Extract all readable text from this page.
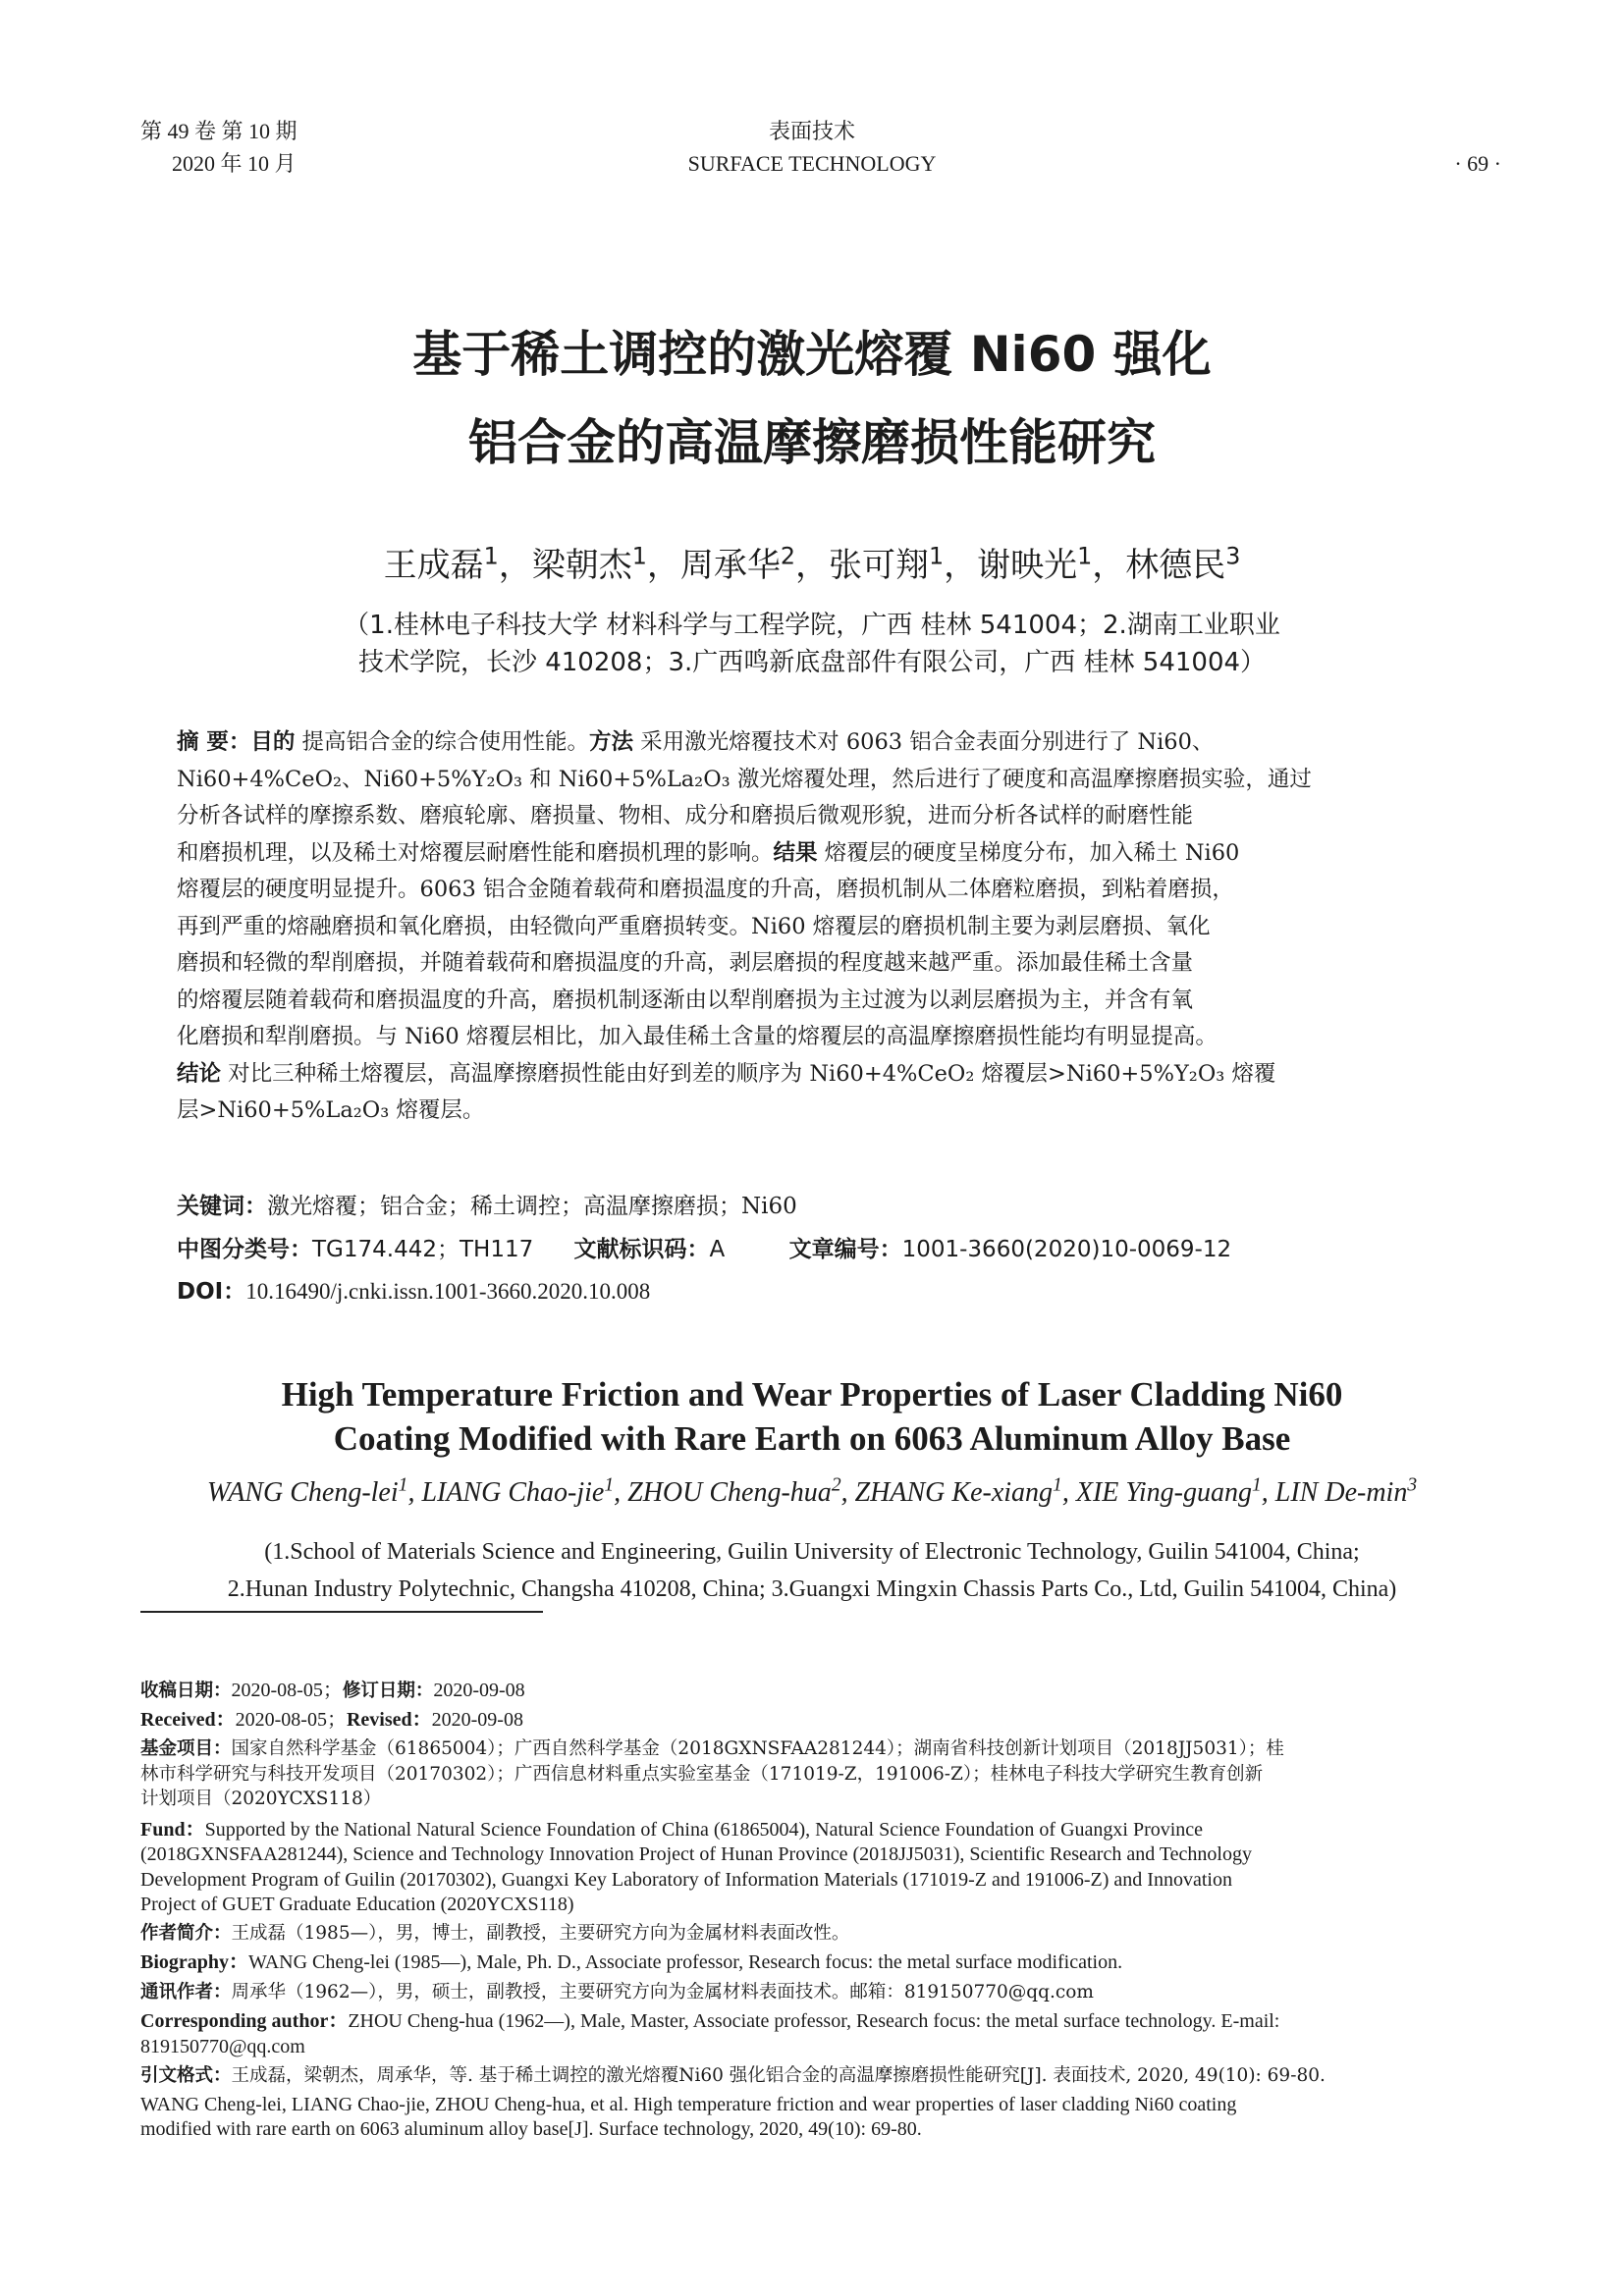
第 49 卷 第 10 期
2020 年 10 月
表面技术
SURFACE TECHNOLOGY	· 69 ·
基于稀土调控的激光熔覆 Ni60 强化
铝合金的高温摩擦磨损性能研究
王成磊$^1$，梁朝杰$^1$，周承华$^2$，张可翔$^1$，谢映光$^1$，林德民$^3$
（1.桂林电子科技大学 材料科学与工程学院，广西 桂林 541004；2.湖南工业职业
技术学院，长沙 410208；3.广西鸣新底盘部件有限公司，广西 桂林 541004）
摘 要：目的 提高铝合金的综合使用性能。方法 采用激光熔覆技术对 6063 铝合金表面分别进行了 Ni60、
Ni60+4%CeO₂、Ni60+5%Y₂O₃ 和 Ni60+5%La₂O₃ 激光熔覆处理，然后进行了硬度和高温摩擦磨损实验，通过
分析各试样的摩擦系数、磨痕轮廓、磨损量、物相、成分和磨损后微观形貌，进而分析各试样的耐磨性能
和磨损机理，以及稀土对熔覆层耐磨性能和磨损机理的影响。结果 熔覆层的硬度呈梯度分布，加入稀土 Ni60
熔覆层的硬度明显提升。6063 铝合金随着载荷和磨损温度的升高，磨损机制从二体磨粒磨损，到粘着磨损，
再到严重的熔融磨损和氧化磨损，由轻微向严重磨损转变。Ni60 熔覆层的磨损机制主要为剥层磨损、氧化
磨损和轻微的犁削磨损，并随着载荷和磨损温度的升高，剥层磨损的程度越来越严重。添加最佳稀土含量
的熔覆层随着载荷和磨损温度的升高，磨损机制逐渐由以犁削磨损为主过渡为以剥层磨损为主，并含有氧
化磨损和犁削磨损。与 Ni60 熔覆层相比，加入最佳稀土含量的熔覆层的高温摩擦磨损性能均有明显提高。
结论 对比三种稀土熔覆层，高温摩擦磨损性能由好到差的顺序为 Ni60+4%CeO₂ 熔覆层>Ni60+5%Y₂O₃ 熔覆
层>Ni60+5%La₂O₃ 熔覆层。
关键词：激光熔覆；铝合金；稀土调控；高温摩擦磨损；Ni60
中图分类号：TG174.442；TH117 文献标识码：A	文章编号：1001-3660(2020)10-0069-12
DOI：10.16490/j.cnki.issn.1001-3660.2020.10.008
High Temperature Friction and Wear Properties of Laser Cladding Ni60
Coating Modified with Rare Earth on 6063 Aluminum Alloy Base
WANG Cheng-lei$^1$, LIANG Chao-jie$^1$, ZHOU Cheng-hua$^2$, ZHANG Ke-xiang$^1$, XIE Ying-guang$^1$, LIN $De-\min^3$
(1.School of Materials Science and Engineering, Guilin University of Electronic Technology, Guilin 541004, China;
2.Hunan Industry Polytechnic, Changsha 410208, China; 3.Guangxi Mingxin Chassis Parts Co., Ltd, Guilin 541004, China)
收稿日期：2020-08-05；修订日期：2020-09-08
Received：2020-08-05；Revised：2020-09-08
基金项目：国家自然科学基金（61865004）；广西自然科学基金（2018GXNSFAA281244）；湖南省科技创新计划项目（2018JJ5031）；桂
林市科学研究与科技开发项目（20170302）；广西信息材料重点实验室基金（171019-Z，191006-Z）；桂林电子科技大学研究生教育创新
计划项目（2020YCXS118）
Fund：Supported by the National Natural Science Foundation of China (61865004), Natural Science Foundation of Guangxi Province
(2018GXNSFAA281244), Science and Technology Innovation Project of Hunan Province (2018JJ5031), Scientific Research and Technology
Development Program of Guilin (20170302), Guangxi Key Laboratory of Information Materials (171019-Z and 191006-Z) and Innovation
Project of GUET Graduate Education (2020YCXS118)
作者简介：王成磊（1985—），男，博士，副教授，主要研究方向为金属材料表面改性。
Biography：WANG Cheng-lei (1985—), Male, Ph. D., Associate professor, Research focus: the metal surface modification.
通讯作者：周承华（1962—），男，硕士，副教授，主要研究方向为金属材料表面技术。邮箱：819150770@qq.com
Corresponding author：ZHOU Cheng-hua (1962—), Male, Master, Associate professor, Research focus: the metal surface technology. E-mail:
819150770@qq.com
引文格式：王成磊，梁朝杰，周承华，等. 基于稀土调控的激光熔覆Ni60 强化铝合金的高温摩擦磨损性能研究[J]. 表面技术, 2020, 49(10): 69-80.
WANG Cheng-lei, LIANG Chao-jie, ZHOU Cheng-hua, et al. High temperature friction and wear properties of laser cladding Ni60 coating
modified with rare earth on 6063 aluminum alloy base[J]. Surface technology, 2020, 49(10): 69-80.
